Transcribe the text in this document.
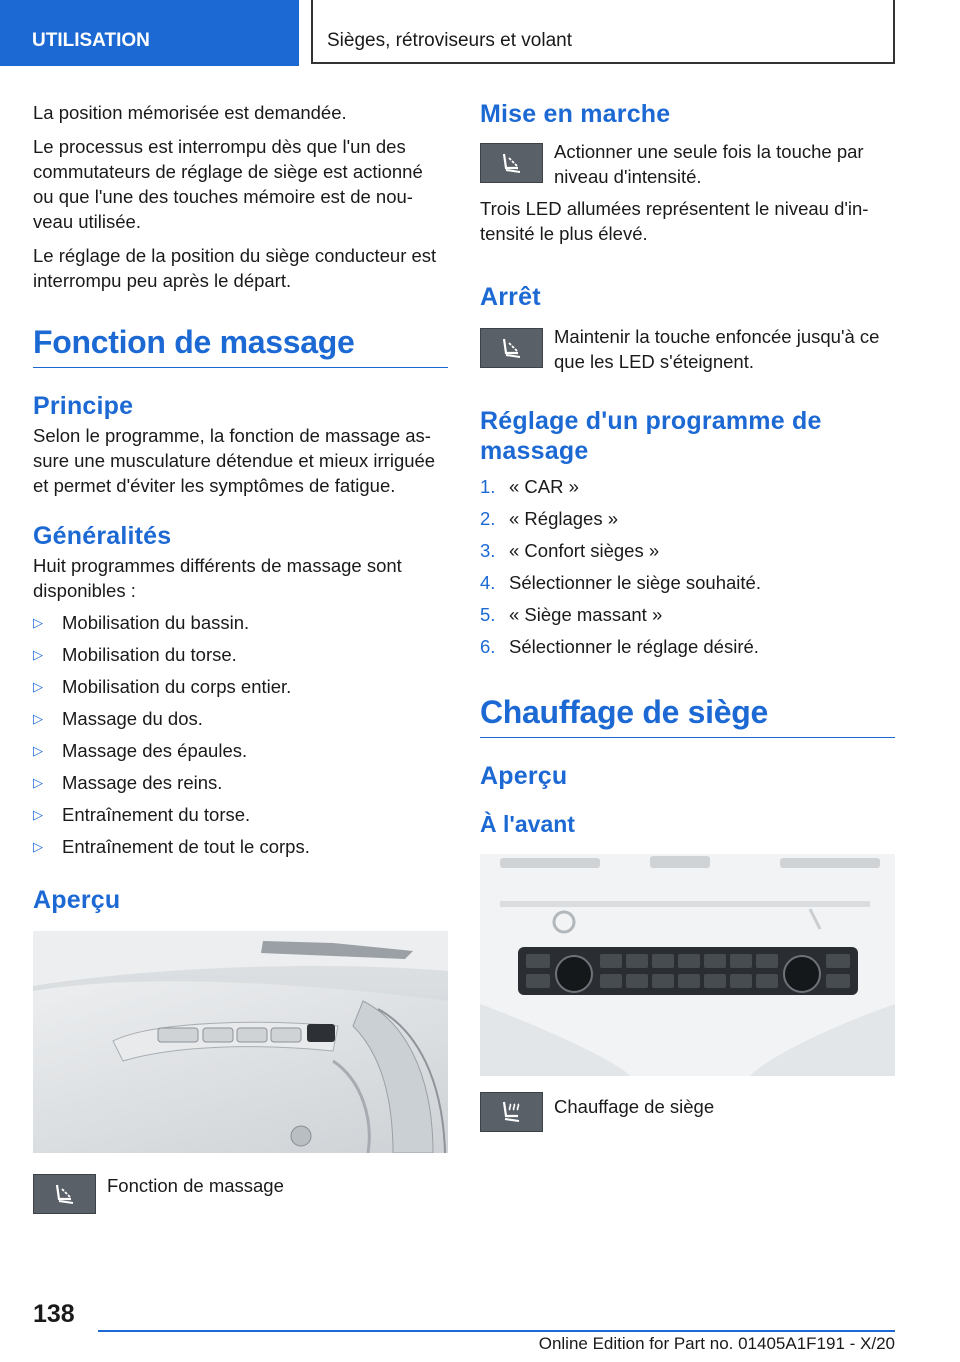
UTILISATION	Sièges, rétroviseurs et volant

La position mémorisée est demandée.

Le processus est interrompu dès que l'un des commutateurs de réglage de siège est actionné ou que l'une des touches mémoire est de nou-veau utilisée.

Le réglage de la position du siège conducteur est interrompu peu après le départ.

Fonction de massage
Principe

Selon le programme, la fonction de massage as-sure une musculature détendue et mieux irriguée et permet d'éviter les symptômes de fatigue.

Généralités

Huit programmes différents de massage sont disponibles :

▷ Mobilisation du bassin.
▷ Mobilisation du torse.
▷ Mobilisation du corps entier.
▷ Massage du dos.
▷ Massage des épaules.
▷ Massage des reins.
▷ Entraînement du torse.
▷ Entraînement de tout le corps.
Aperçu
Fonction de massage
Mise en marche
Actionner une seule fois la touche par niveau d'intensité.

Trois LED allumées représentent le niveau d'in-tensité le plus élevé.

Arrêt
Maintenir la touche enfoncée jusqu'à ce que les LED s'éteignent.
Réglage d'un programme de massage
1. « CAR »
2. « Réglages »
3. « Confort sièges »
4. Sélectionner le siège souhaité.
5. « Siège massant »
6. Sélectionner le réglage désiré.
Chauffage de siège
Aperçu
À l'avant
Chauffage de siège
138
Online Edition for Part no. 01405A1F191 - X/20
